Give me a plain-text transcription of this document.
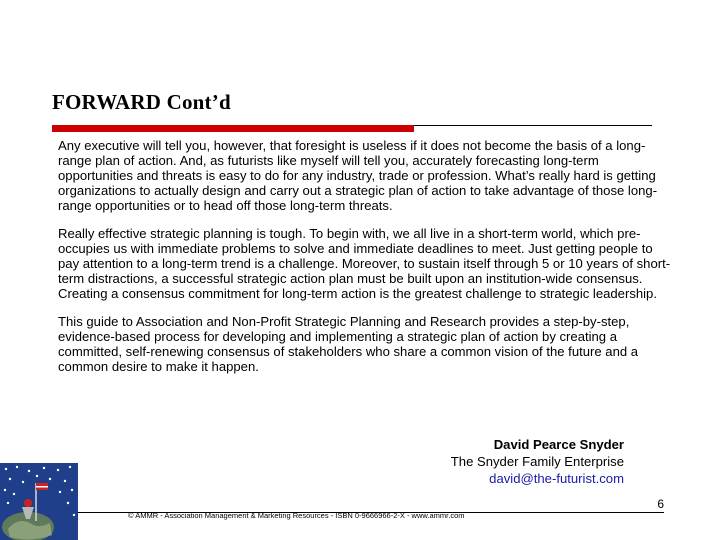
FORWARD Cont’d

Any executive will tell you, however, that foresight is useless if it does not become the basis of a long-range plan of action. And, as futurists like myself will tell you, accurately forecasting long-term opportunities and threats is easy to do for any industry, trade or profession. What’s really hard is getting organizations to actually design and carry out a strategic plan of action to take advantage of those long-range opportunities or to head off those long-term threats.

Really effective strategic planning is tough. To begin with, we all live in a short-term world, which pre-occupies us with immediate problems to solve and immediate deadlines to meet. Just getting people to pay attention to a long-term trend is a challenge. Moreover, to sustain itself through 5 or 10 years of short-term distractions, a successful strategic action plan must be built upon an institution-wide consensus. Creating a consensus commitment for long-term action is the greatest challenge to strategic leadership.

This guide to Association and Non-Profit Strategic Planning and Research provides a step-by-step, evidence-based process for developing and implementing a strategic plan of action by creating a committed, self-renewing consensus of stakeholders who share a common vision of the future and a common desire to make it happen.

David Pearce Snyder
The Snyder Family Enterprise
david@the-futurist.com
6
© AMMR - Association Management & Marketing Resources - ISBN 0-9666966-2-X - www.ammr.com
